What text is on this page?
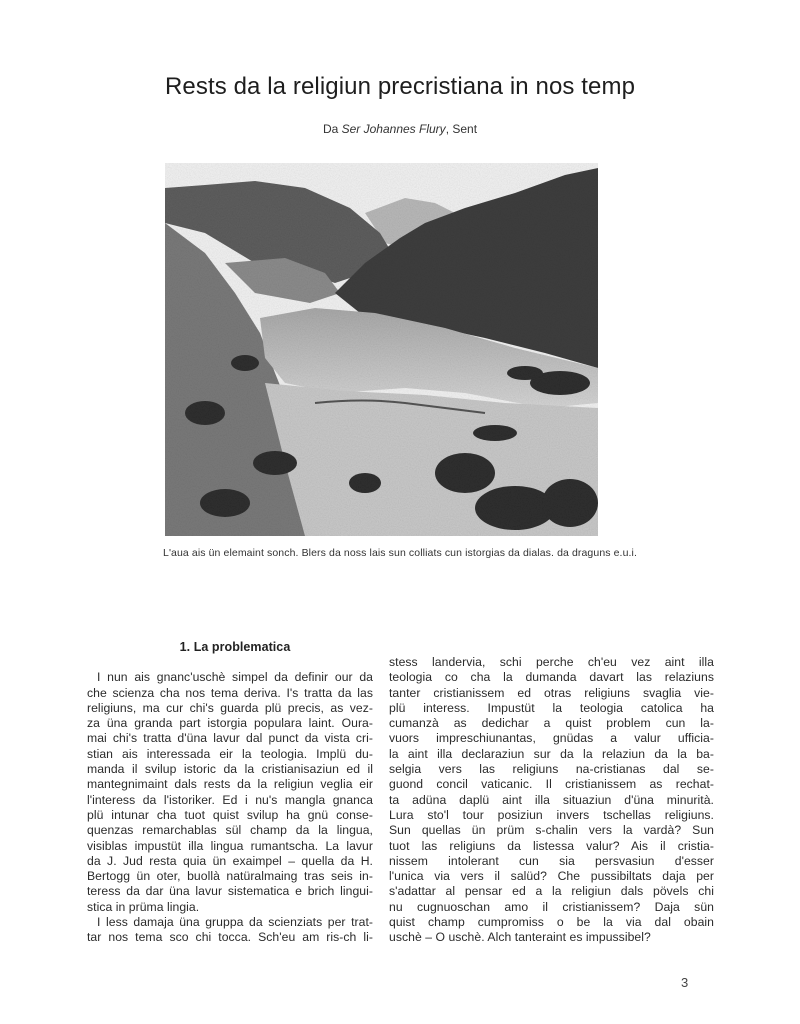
Rests da la religiun precristiana in nos temp
Da Ser Johannes Flury, Sent
L'aua ais ün elemaint sonch. Blers da noss lais sun colliats cun istorgias da dialas. da draguns e.u.i.
1. La problematica
I nun ais gnanc'uschè simpel da definir our da
che scienza cha nos tema deriva. I's tratta da las
religiuns, ma cur chi's guarda plü precis, as vez-
za üna granda part istorgia populara laint. Oura-
mai chi's tratta d'üna lavur dal punct da vista cri-
stian ais interessada eir la teologia. Implü du-
manda il svilup istoric da la cristianisaziun ed il
mantegnimaint dals rests da la religiun veglia eir
l'interess da l'istoriker. Ed i nu's mangla gnanca
plü intunar cha tuot quist svilup ha gnü conse-
quenzas remarchablas sül champ da la lingua,
visiblas impustüt illa lingua rumantscha. La lavur
da J. Jud resta quia ün exaimpel – quella da H.
Bertogg ün oter, buollà natüralmaing tras seis in-
teress da dar üna lavur sistematica e brich lingui-
stica in prüma lingia.
I less damaja üna gruppa da scienziats per trat-
tar nos tema sco chi tocca. Sch'eu am ris-ch li-
stess landervia, schi perche ch'eu vez aint illa
teologia co cha la dumanda davart las relaziuns
tanter cristianissem ed otras religiuns svaglia vie-
plü interess. Impustüt la teologia catolica ha
cumanzà as dedichar a quist problem cun la-
vuors impreschiunantas, gnüdas a valur ufficia-
la aint illa declaraziun sur da la relaziun da la ba-
selgia vers las religiuns na-cristianas dal se-
guond concil vaticanic. Il cristianissem as rechat-
ta adüna daplü aint illa situaziun d'üna minurità.
Lura sto'l tour posiziun invers tschellas religiuns.
Sun quellas ün prüm s-chalin vers la vardà? Sun
tuot las religiuns da listessa valur? Ais il cristia-
nissem intolerant cun sia persvasiun d'esser
l'unica via vers il salüd? Che pussibiltats daja per
s'adattar al pensar ed a la religiun dals pövels chi
nu cugnuoschan amo il cristianissem? Daja sün
quist champ cumpromiss o be la via dal obain
uschè – O uschè. Alch tanteraint es impussibel?
3
